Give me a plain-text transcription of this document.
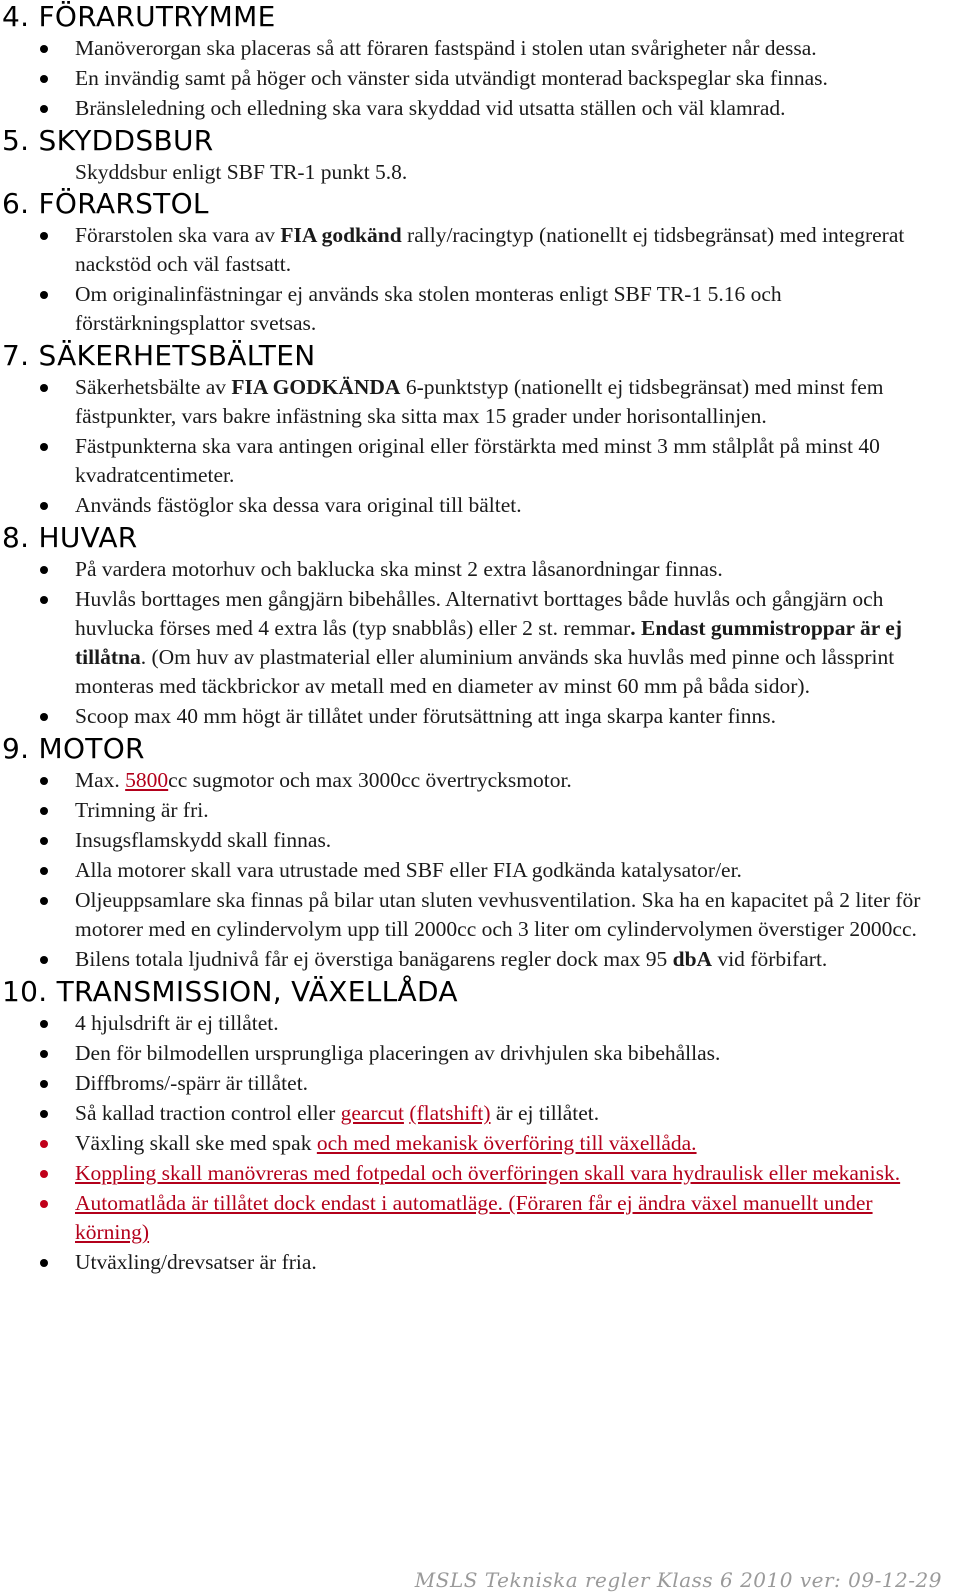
4. FÖRARUTRYMME
Manöverorgan ska placeras så att föraren fastspänd i stolen utan svårigheter når dessa.
En invändig samt på höger och vänster sida utvändigt monterad backspeglar ska finnas.
Bränsleledning och elledning ska vara skyddad vid utsatta ställen och väl klamrad.
5. SKYDDSBUR

Skyddsbur enligt SBF TR-1 punkt 5.8.

6. FÖRARSTOL
Förarstolen ska vara av FIA godkänd rally/racingtyp (nationellt ej tidsbegränsat) med integrerat nackstöd och väl fastsatt.
Om originalinfästningar ej används ska stolen monteras enligt SBF TR-1 5.16 och förstärkningsplattor svetsas.
7. SÄKERHETSBÄLTEN
Säkerhetsbälte av FIA GODKÄNDA 6-punktstyp (nationellt ej tidsbegränsat) med minst fem fästpunkter, vars bakre infästning ska sitta max 15 grader under horisontallinjen.
Fästpunkterna ska vara antingen original eller förstärkta med minst 3 mm stålplåt på minst 40 kvadratcentimeter.
Används fästöglor ska dessa vara original till bältet.
8. HUVAR
På vardera motorhuv och baklucka ska minst 2 extra låsanordningar finnas.
Huvlås borttages men gångjärn bibehålles. Alternativt borttages både huvlås och gångjärn och huvlucka förses med 4 extra lås (typ snabblås) eller 2 st. remmar. Endast gummistroppar är ej tillåtna. (Om huv av plastmaterial eller aluminium används ska huvlås med pinne och låssprint monteras med täckbrickor av metall med en diameter av minst 60 mm på båda sidor).
Scoop max 40 mm högt är tillåtet under förutsättning att inga skarpa kanter finns.
9. MOTOR
Max. 5800cc sugmotor och max 3000cc övertrycksmotor.
Trimning är fri.
Insugsflamskydd skall finnas.
Alla motorer skall vara utrustade med SBF eller FIA godkända katalysator/er.
Oljeuppsamlare ska finnas på bilar utan sluten vevhusventilation. Ska ha en kapacitet på 2 liter för motorer med en cylindervolym upp till 2000cc och 3 liter om cylindervolymen överstiger 2000cc.
Bilens totala ljudnivå får ej överstiga banägarens regler dock max 95 dbA vid förbifart.
10. TRANSMISSION, VÄXELLÅDA
4 hjulsdrift är ej tillåtet.
Den för bilmodellen ursprungliga placeringen av drivhjulen ska bibehållas.
Diffbroms/-spärr är tillåtet.
Så kallad traction control eller gearcut (flatshift) är ej tillåtet.
Växling skall ske med spak och med mekanisk överföring till växellåda.
Koppling skall manövreras med fotpedal och överföringen skall vara hydraulisk eller mekanisk.
Automatlåda är tillåtet dock endast i automatläge. (Föraren får ej ändra växel manuellt under körning)
Utväxling/drevsatser är fria.
MSLS Tekniska regler Klass 6 2010 ver: 09-12-29
